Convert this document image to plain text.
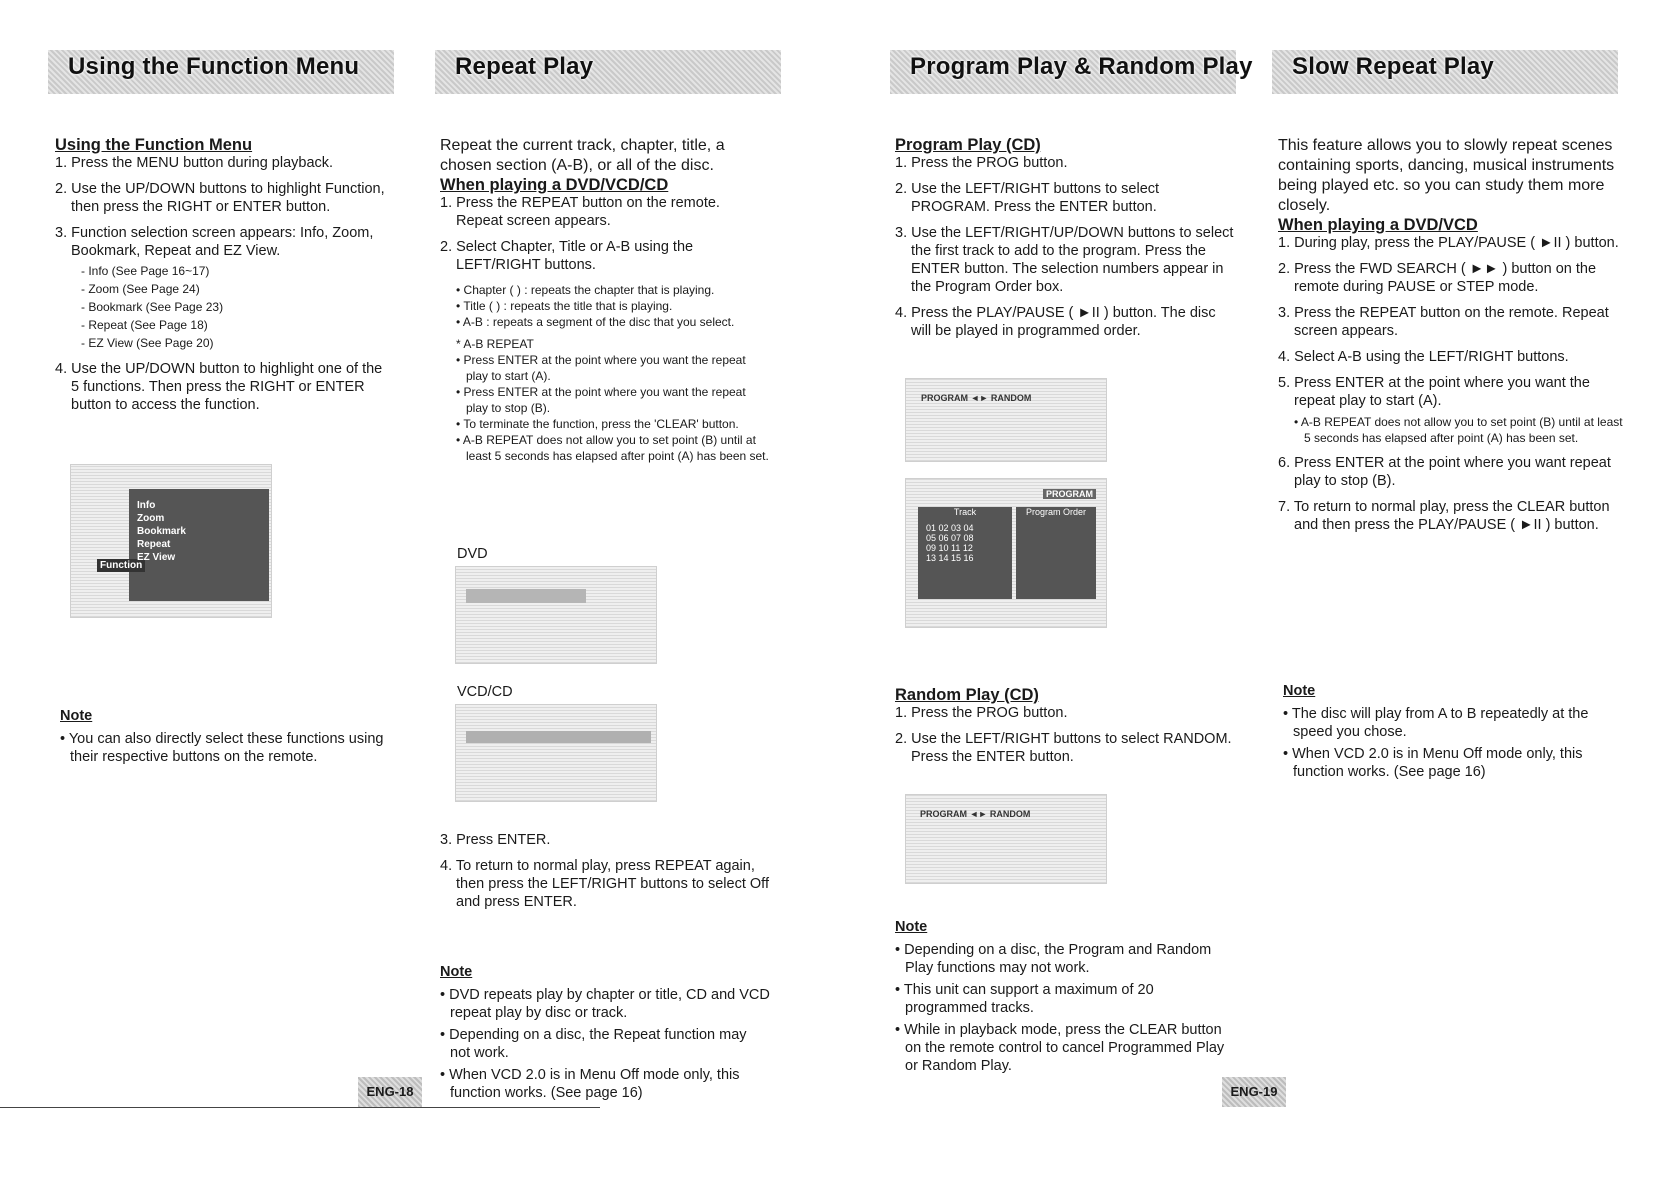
Using the Function Menu	Repeat Play	Program Play & Random Play Slow Repeat Play

Using the Function Menu

1. Press the MENU button during playback.
2. Use the UP/DOWN buttons to highlight Function, then press the RIGHT or ENTER button.
3. Function selection screen appears: Info, Zoom, Bookmark, Repeat and EZ View.
- Info (See Page 16~17)
- Zoom (See Page 24)
- Bookmark (See Page 23)
- Repeat (See Page 18)
- EZ View (See Page 20)
4. Use the UP/DOWN button to highlight one of the 5 functions. Then press the RIGHT or ENTER button to access the function.
Function
Info
Zoom
Bookmark
Repeat
EZ View
Note

• You can also directly select these functions using their respective buttons on the remote.

Repeat the current track, chapter, title, a chosen section (A-B), or all of the disc.

When playing a DVD/VCD/CD

1. Press the REPEAT button on the remote. Repeat screen appears.
2. Select Chapter, Title or A-B using the LEFT/RIGHT buttons.

• Chapter ( ) : repeats the chapter that is playing.

• Title ( ) : repeats the title that is playing.

• A-B : repeats a segment of the disc that you select.

* A-B REPEAT

• Press ENTER at the point where you want the repeat play to start (A).

• Press ENTER at the point where you want the repeat play to stop (B).

• To terminate the function, press the 'CLEAR' button.

• A-B REPEAT does not allow you to set point (B) until at least 5 seconds has elapsed after point (A) has been set.

DVD
VCD/CD
3. Press ENTER.
4. To return to normal play, press REPEAT again, then press the LEFT/RIGHT buttons to select Off and press ENTER.
Note

• DVD repeats play by chapter or title, CD and VCD repeat play by disc or track.

• Depending on a disc, the Repeat function may not work.

• When VCD 2.0 is in Menu Off mode only, this function works. (See page 16)

Program Play (CD)

1. Press the PROG button.
2. Use the LEFT/RIGHT buttons to select PROGRAM. Press the ENTER button.
3. Use the LEFT/RIGHT/UP/DOWN buttons to select the first track to add to the program. Press the ENTER button. The selection numbers appear in the Program Order box.
4. Press the PLAY/PAUSE ( ►II ) button. The disc will be played in programmed order.
PROGRAM ◄► RANDOM
PROGRAM
Track
01 02 03 04
05 06 07 08
09 10 11 12
13 14 15 16
Program Order

Random Play (CD)

1. Press the PROG button.
2. Use the LEFT/RIGHT buttons to select RANDOM. Press the ENTER button.
PROGRAM ◄► RANDOM
Note

• Depending on a disc, the Program and Random Play functions may not work.

• This unit can support a maximum of 20 programmed tracks.

• While in playback mode, press the CLEAR button on the remote control to cancel Programmed Play or Random Play.

This feature allows you to slowly repeat scenes containing sports, dancing, musical instruments being played etc. so you can study them more closely.

When playing a DVD/VCD

1. During play, press the PLAY/PAUSE ( ►II ) button.
2. Press the FWD SEARCH ( ►► ) button on the remote during PAUSE or STEP mode.
3. Press the REPEAT button on the remote. Repeat screen appears.
4. Select A-B using the LEFT/RIGHT buttons.
5. Press ENTER at the point where you want the repeat play to start (A).

• A-B REPEAT does not allow you to set point (B) until at least 5 seconds has elapsed after point (A) has been set.

6. Press ENTER at the point where you want repeat play to stop (B).
7. To return to normal play, press the CLEAR button and then press the PLAY/PAUSE ( ►II ) button.
Note

• The disc will play from A to B repeatedly at the speed you chose.

• When VCD 2.0 is in Menu Off mode only, this function works. (See page 16)

ENG-18	ENG-19
